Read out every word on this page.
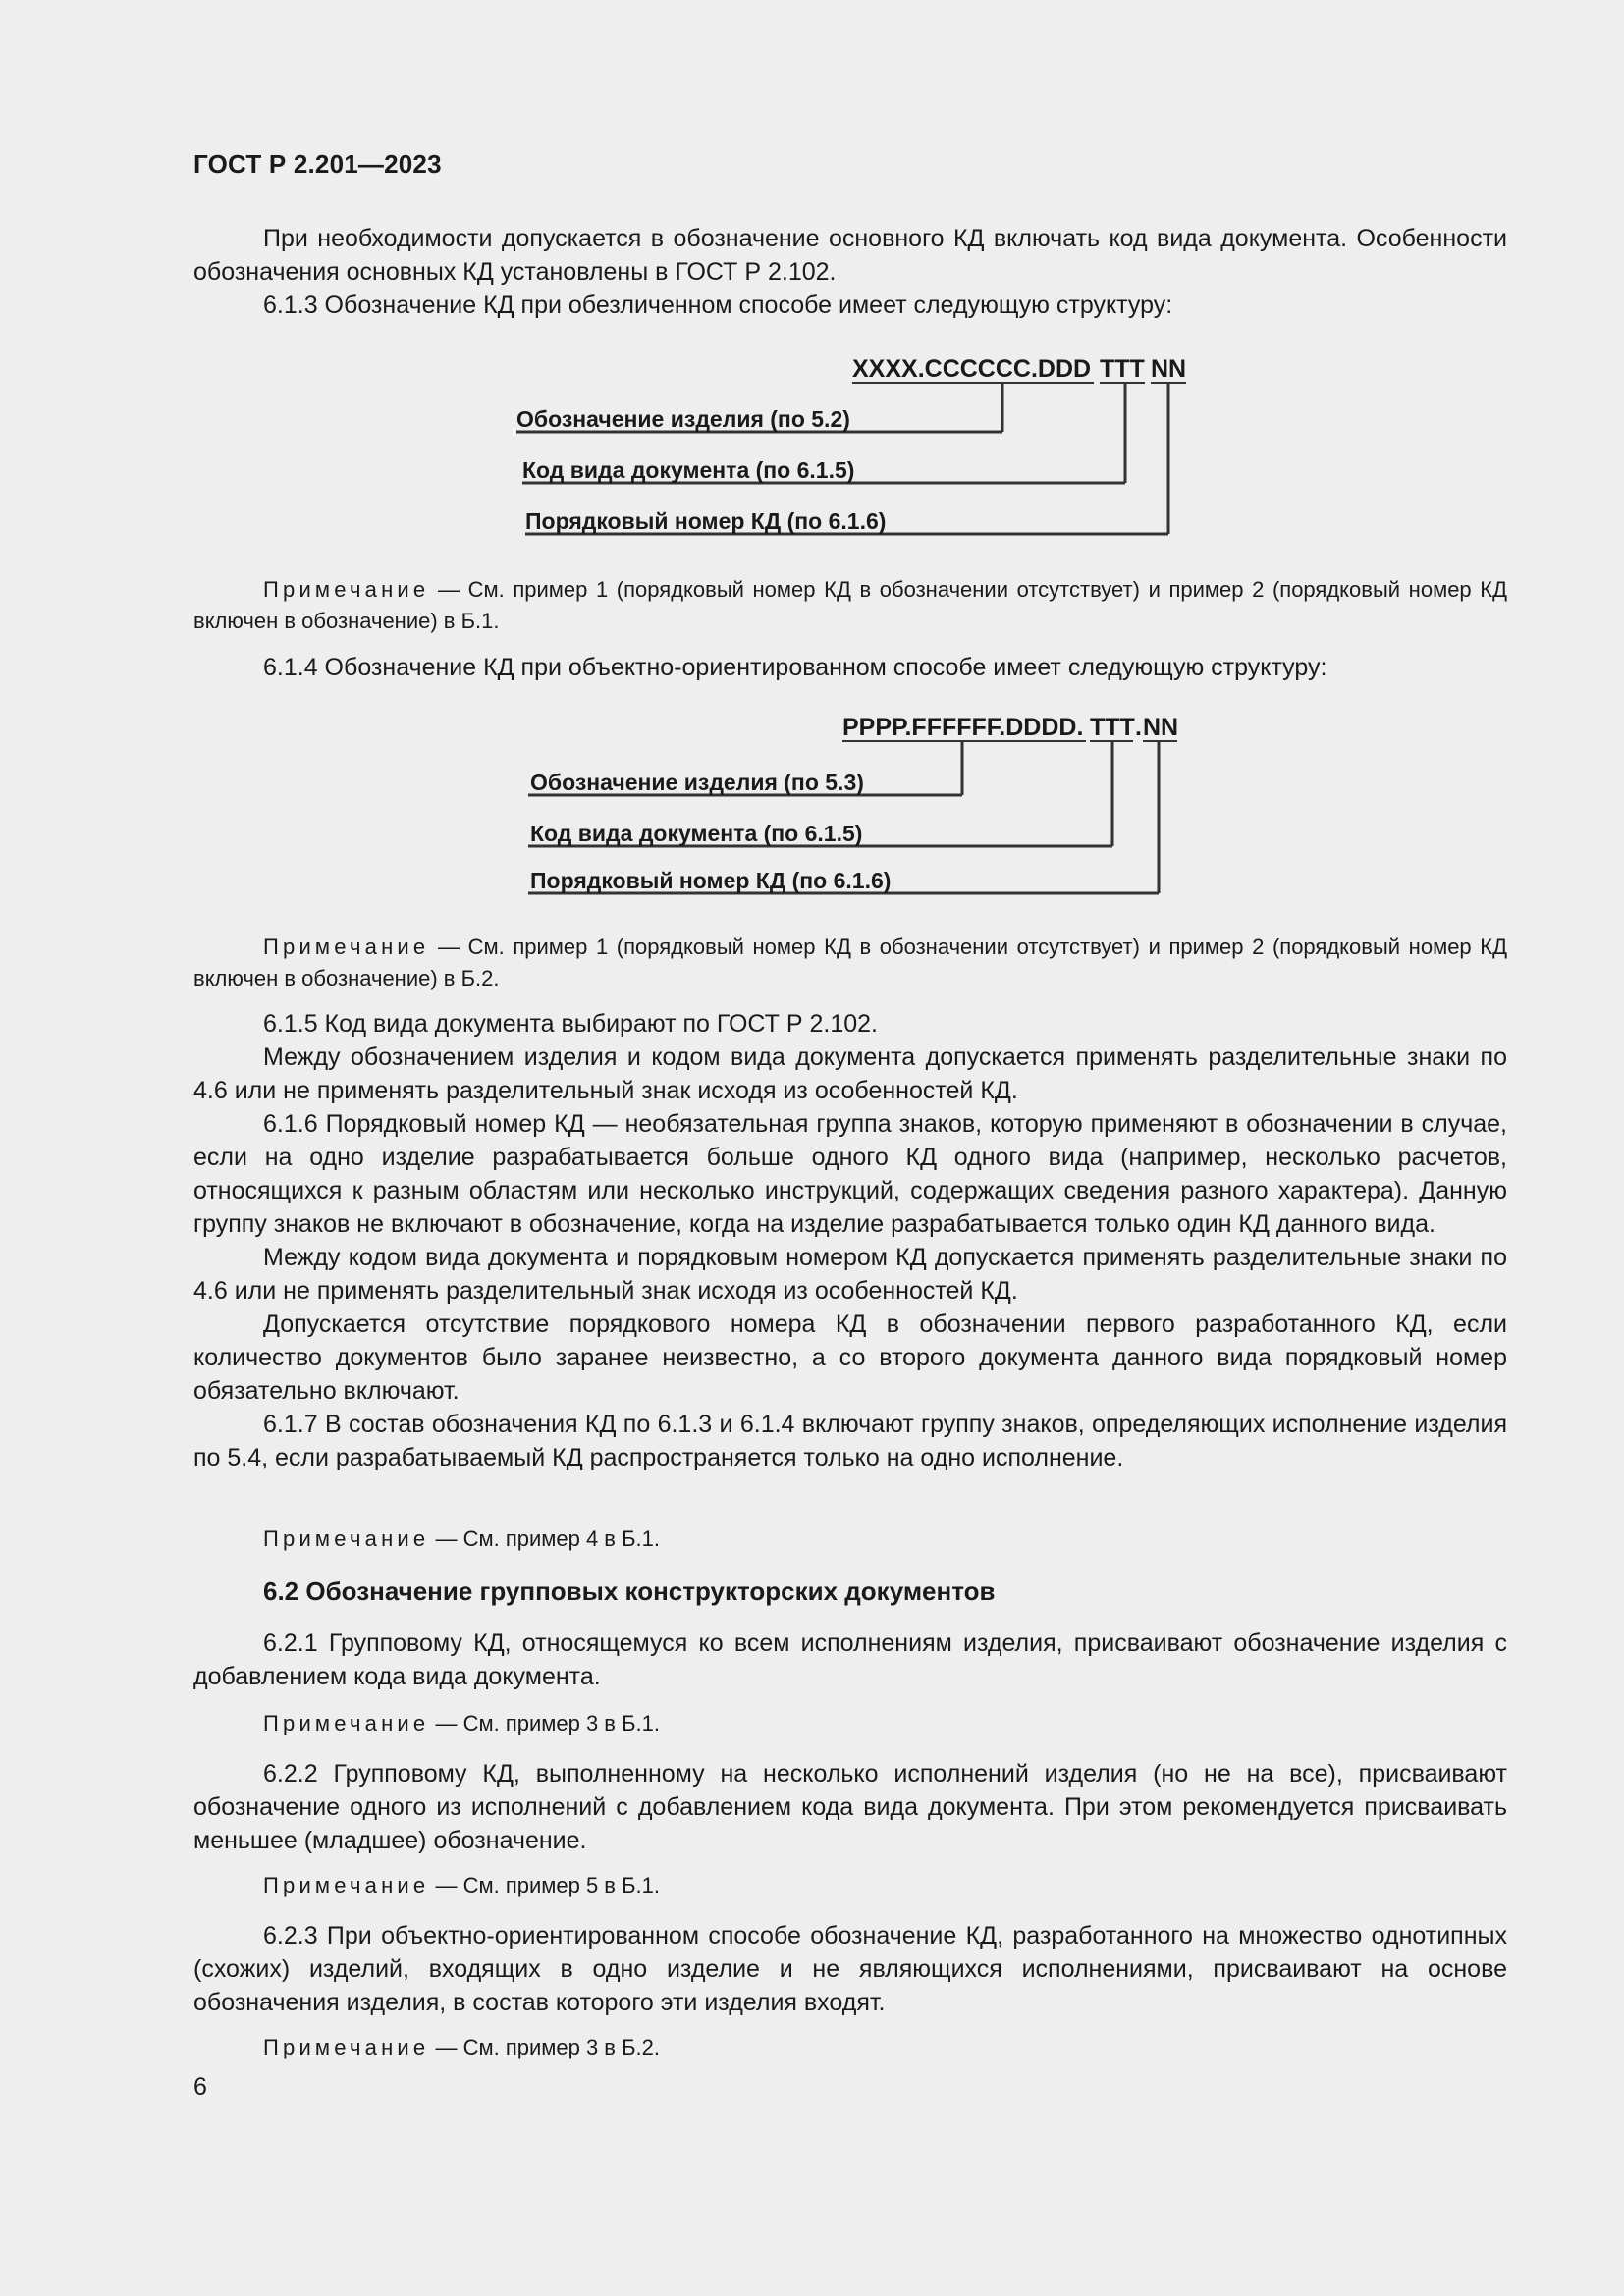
ГОСТ Р 2.201—2023

При необходимости допускается в обозначение основного КД включать код вида документа. Особенности обозначения основных КД установлены в ГОСТ Р 2.102.

6.1.3 Обозначение КД при обезличенном способе имеет следующую структуру:

XXXX.CCCCCC.DDD TTT NN
Обозначение изделия (по 5.2)
Код вида документа (по 6.1.5)
Порядковый номер КД (по 6.1.6)
PPPP.FFFFFF.DDDD. TTT . NN
Обозначение изделия (по 5.3)
Код вида документа (по 6.1.5)
Порядковый номер КД (по 6.1.6)

Примечание — См. пример 1 (порядковый номер КД в обозначении отсутствует) и пример 2 (порядковый номер КД включен в обозначение) в Б.1.

6.1.4 Обозначение КД при объектно-ориентированном способе имеет следующую структуру:

Примечание — См. пример 1 (порядковый номер КД в обозначении отсутствует) и пример 2 (порядковый номер КД включен в обозначение) в Б.2.

6.1.5 Код вида документа выбирают по ГОСТ Р 2.102.

Между обозначением изделия и кодом вида документа допускается применять разделительные знаки по 4.6 или не применять разделительный знак исходя из особенностей КД.

6.1.6 Порядковый номер КД — необязательная группа знаков, которую применяют в обозначении в случае, если на одно изделие разрабатывается больше одного КД одного вида (например, несколько расчетов, относящихся к разным областям или несколько инструкций, содержащих сведения разного характера). Данную группу знаков не включают в обозначение, когда на изделие разрабатывается только один КД данного вида.

Между кодом вида документа и порядковым номером КД допускается применять разделительные знаки по 4.6 или не применять разделительный знак исходя из особенностей КД.

Допускается отсутствие порядкового номера КД в обозначении первого разработанного КД, если количество документов было заранее неизвестно, а со второго документа данного вида порядковый номер обязательно включают.

6.1.7 В состав обозначения КД по 6.1.3 и 6.1.4 включают группу знаков, определяющих исполнение изделия по 5.4, если разрабатываемый КД распространяется только на одно исполнение.

Примечание — См. пример 4 в Б.1.

6.2 Обозначение групповых конструкторских документов

6.2.1 Групповому КД, относящемуся ко всем исполнениям изделия, присваивают обозначение изделия с добавлением кода вида документа.

Примечание — См. пример 3 в Б.1.

6.2.2 Групповому КД, выполненному на несколько исполнений изделия (но не на все), присваивают обозначение одного из исполнений с добавлением кода вида документа. При этом рекомендуется присваивать меньшее (младшее) обозначение.

Примечание — См. пример 5 в Б.1.

6.2.3 При объектно-ориентированном способе обозначение КД, разработанного на множество однотипных (схожих) изделий, входящих в одно изделие и не являющихся исполнениями, присваивают на основе обозначения изделия, в состав которого эти изделия входят.

Примечание — См. пример 3 в Б.2.

6
